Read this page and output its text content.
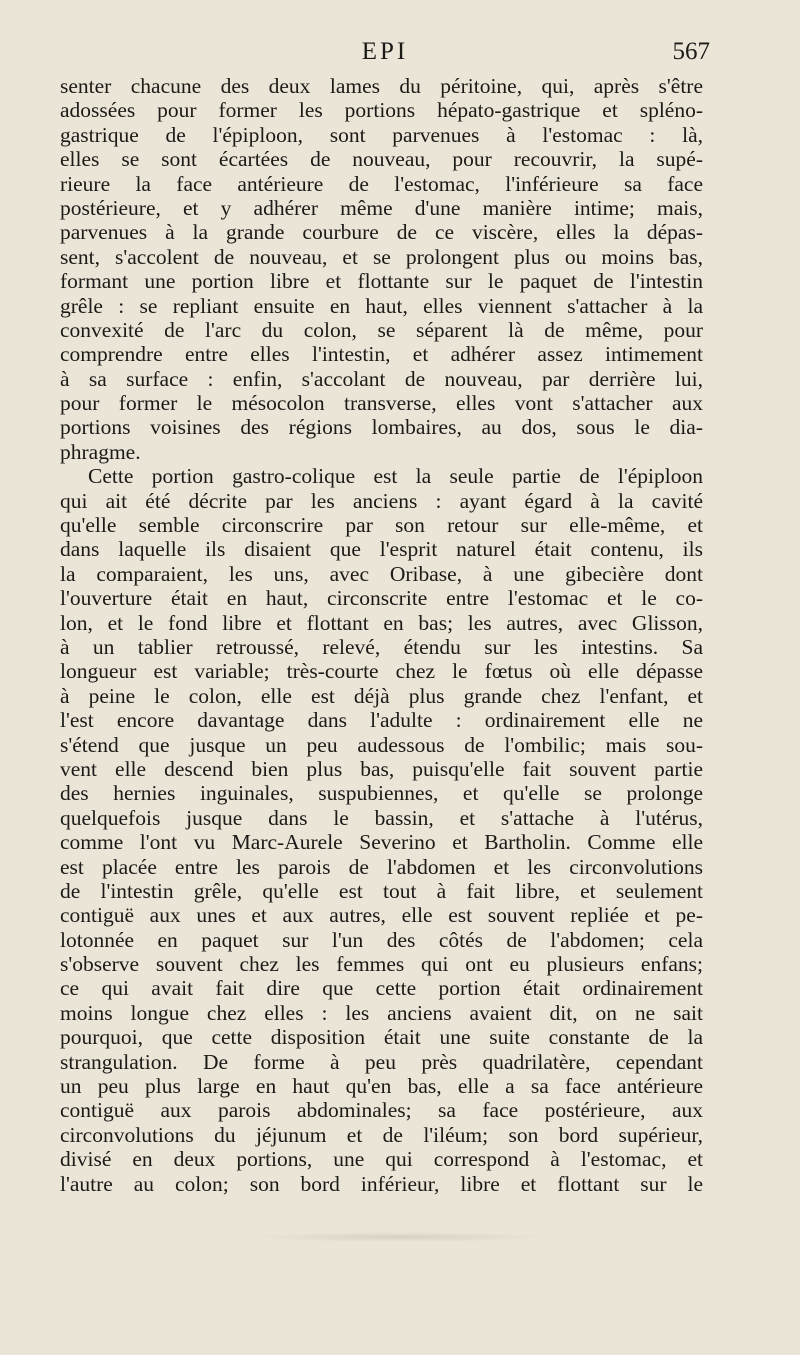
EPI	567
senter chacune des deux lames du péritoine, qui, après s'être
adossées pour former les portions hépato-gastrique et spléno-
gastrique de l'épiploon, sont parvenues à l'estomac : là,
elles se sont écartées de nouveau, pour recouvrir, la supé-
rieure la face antérieure de l'estomac, l'inférieure sa face
postérieure, et y adhérer même d'une manière intime; mais,
parvenues à la grande courbure de ce viscère, elles la dépas-
sent, s'accolent de nouveau, et se prolongent plus ou moins bas,
formant une portion libre et flottante sur le paquet de l'intestin
grêle : se repliant ensuite en haut, elles viennent s'attacher à la
convexité de l'arc du colon, se séparent là de même, pour
comprendre entre elles l'intestin, et adhérer assez intimement
à sa surface : enfin, s'accolant de nouveau, par derrière lui,
pour former le mésocolon transverse, elles vont s'attacher aux
portions voisines des régions lombaires, au dos, sous le dia-
phragme.
Cette portion gastro-colique est la seule partie de l'épiploon
qui ait été décrite par les anciens : ayant égard à la cavité
qu'elle semble circonscrire par son retour sur elle-même, et
dans laquelle ils disaient que l'esprit naturel était contenu, ils
la comparaient, les uns, avec Oribase, à une gibecière dont
l'ouverture était en haut, circonscrite entre l'estomac et le co-
lon, et le fond libre et flottant en bas; les autres, avec Glisson,
à un tablier retroussé, relevé, étendu sur les intestins. Sa
longueur est variable; très-courte chez le fœtus où elle dépasse
à peine le colon, elle est déjà plus grande chez l'enfant, et
l'est encore davantage dans l'adulte : ordinairement elle ne
s'étend que jusque un peu audessous de l'ombilic; mais sou-
vent elle descend bien plus bas, puisqu'elle fait souvent partie
des hernies inguinales, suspubiennes, et qu'elle se prolonge
quelquefois jusque dans le bassin, et s'attache à l'utérus,
comme l'ont vu Marc-Aurele Severino et Bartholin. Comme elle
est placée entre les parois de l'abdomen et les circonvolutions
de l'intestin grêle, qu'elle est tout à fait libre, et seulement
contiguë aux unes et aux autres, elle est souvent repliée et pe-
lotonnée en paquet sur l'un des côtés de l'abdomen; cela
s'observe souvent chez les femmes qui ont eu plusieurs enfans;
ce qui avait fait dire que cette portion était ordinairement
moins longue chez elles : les anciens avaient dit, on ne sait
pourquoi, que cette disposition était une suite constante de la
strangulation. De forme à peu près quadrilatère, cependant
un peu plus large en haut qu'en bas, elle a sa face antérieure
contiguë aux parois abdominales; sa face postérieure, aux
circonvolutions du jéjunum et de l'iléum; son bord supérieur,
divisé en deux portions, une qui correspond à l'estomac, et
l'autre au colon; son bord inférieur, libre et flottant sur le
